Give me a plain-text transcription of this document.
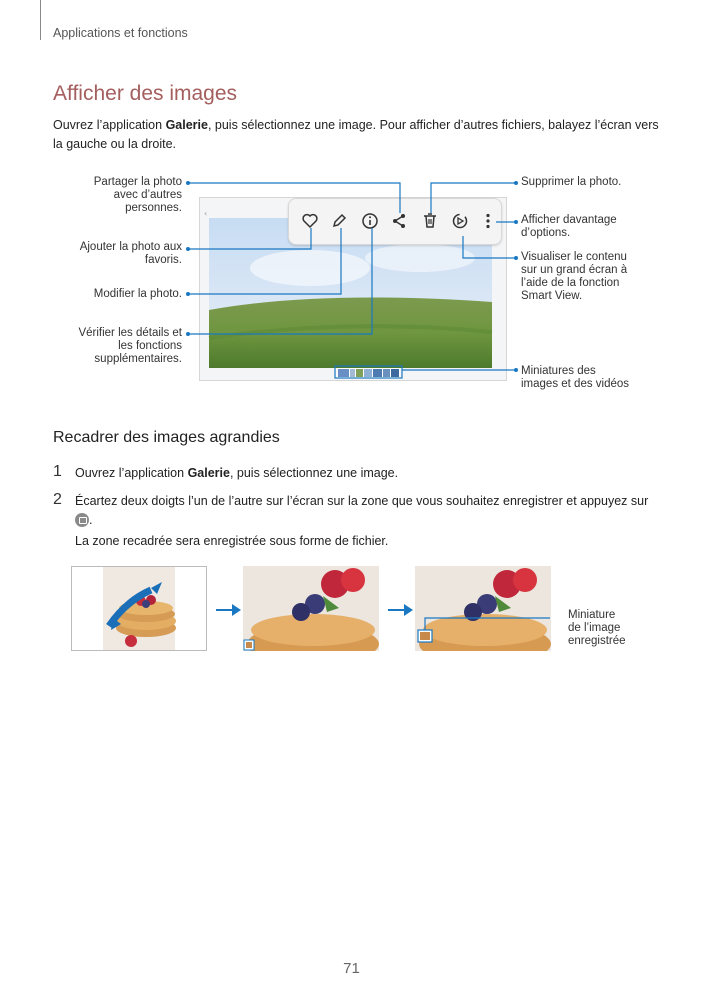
Applications et fonctions
Afficher des images
Ouvrez l’application Galerie, puis sélectionnez une image. Pour afficher d’autres fichiers, balayez l’écran vers la gauche ou la droite.
‹
Partager la photo
avec d’autres
personnes.
Ajouter la photo aux
favoris.
Modifier la photo.
Vérifier les détails et
les fonctions
supplémentaires.
Supprimer la photo.
Afficher davantage
d’options.
Visualiser le contenu
sur un grand écran à
l’aide de la fonction
Smart View.
Miniatures des
images et des vidéos
Recadrer des images agrandies
1 Ouvrez l’application Galerie, puis sélectionnez une image.
2 Écartez deux doigts l’un de l’autre sur l’écran sur la zone que vous souhaitez enregistrer et appuyez sur
.
La zone recadrée sera enregistrée sous forme de fichier.
Miniature
de l’image
enregistrée
71
